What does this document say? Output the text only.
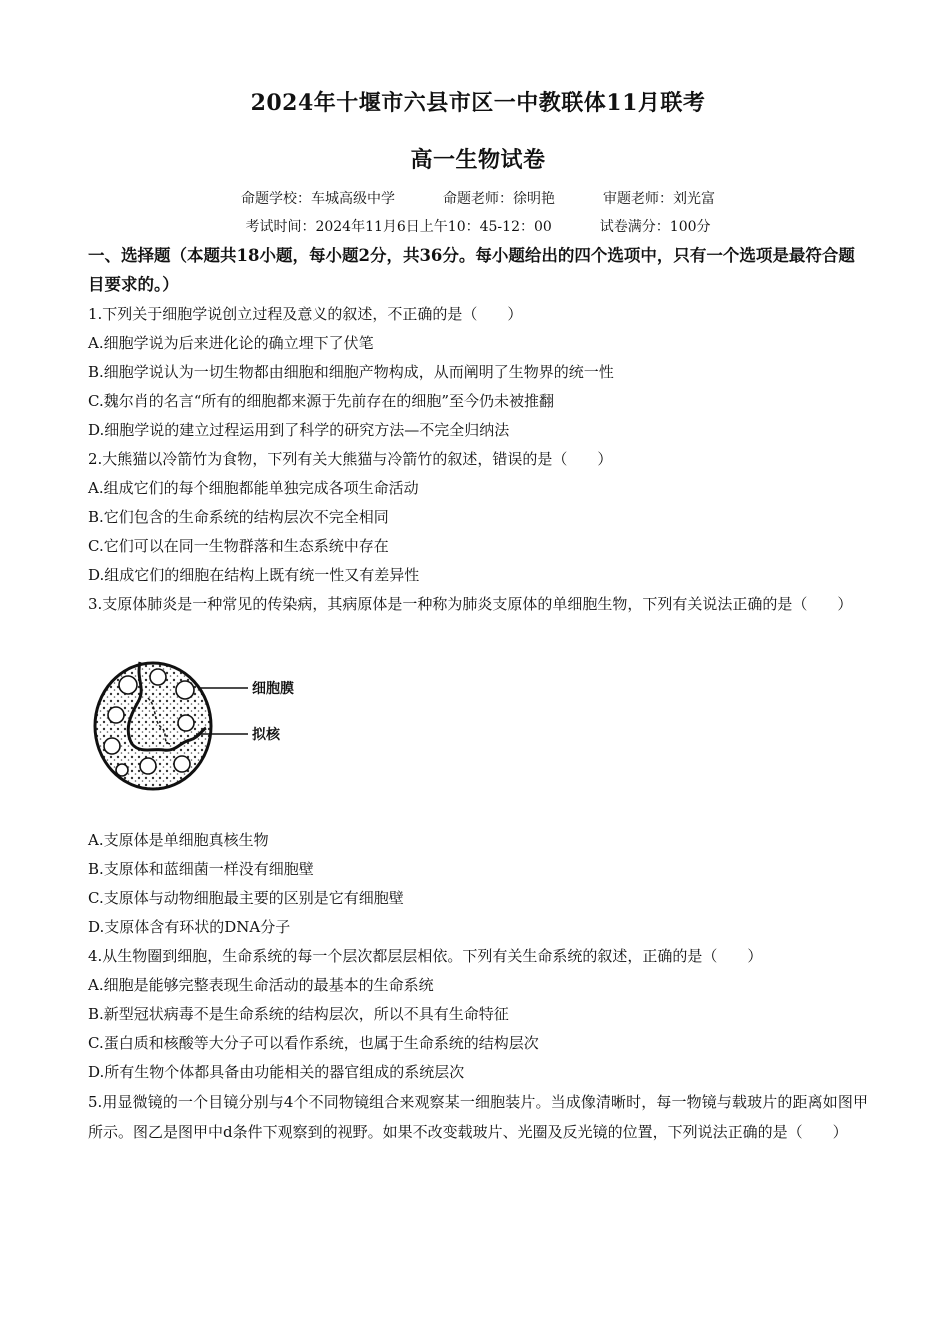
2024年十堰市六县市区一中教联体11月联考
高一生物试卷
命题学校：车城高级中学	命题老师：徐明艳	审题老师：刘光富
考试时间：2024年11月6日上午10：45-12：00	试卷满分：100分
一、选择题（本题共18小题，每小题2分，共36分。每小题给出的四个选项中，只有一个选项是最符合题目要求的。）
1.下列关于细胞学说创立过程及意义的叙述，不正确的是（　　）
A.细胞学说为后来进化论的确立埋下了伏笔
B.细胞学说认为一切生物都由细胞和细胞产物构成，从而阐明了生物界的统一性
C.魏尔肖的名言“所有的细胞都来源于先前存在的细胞”至今仍未被推翻
D.细胞学说的建立过程运用到了科学的研究方法—不完全归纳法
2.大熊猫以冷箭竹为食物，下列有关大熊猫与冷箭竹的叙述，错误的是（　　）
A.组成它们的每个细胞都能单独完成各项生命活动
B.它们包含的生命系统的结构层次不完全相同
C.它们可以在同一生物群落和生态系统中存在
D.组成它们的细胞在结构上既有统一性又有差异性
3.支原体肺炎是一种常见的传染病，其病原体是一种称为肺炎支原体的单细胞生物，下列有关说法正确的是（　　）
细胞膜
拟核
A.支原体是单细胞真核生物
B.支原体和蓝细菌一样没有细胞壁
C.支原体与动物细胞最主要的区别是它有细胞壁
D.支原体含有环状的DNA分子
4.从生物圈到细胞，生命系统的每一个层次都层层相依。下列有关生命系统的叙述，正确的是（　　）
A.细胞是能够完整表现生命活动的最基本的生命系统
B.新型冠状病毒不是生命系统的结构层次，所以不具有生命特征
C.蛋白质和核酸等大分子可以看作系统，也属于生命系统的结构层次
D.所有生物个体都具备由功能相关的器官组成的系统层次
5.用显微镜的一个目镜分别与4个不同物镜组合来观察某一细胞装片。当成像清晰时，每一物镜与载玻片的距离如图甲所示。图乙是图甲中d条件下观察到的视野。如果不改变载玻片、光圈及反光镜的位置，下列说法正确的是（　　）
